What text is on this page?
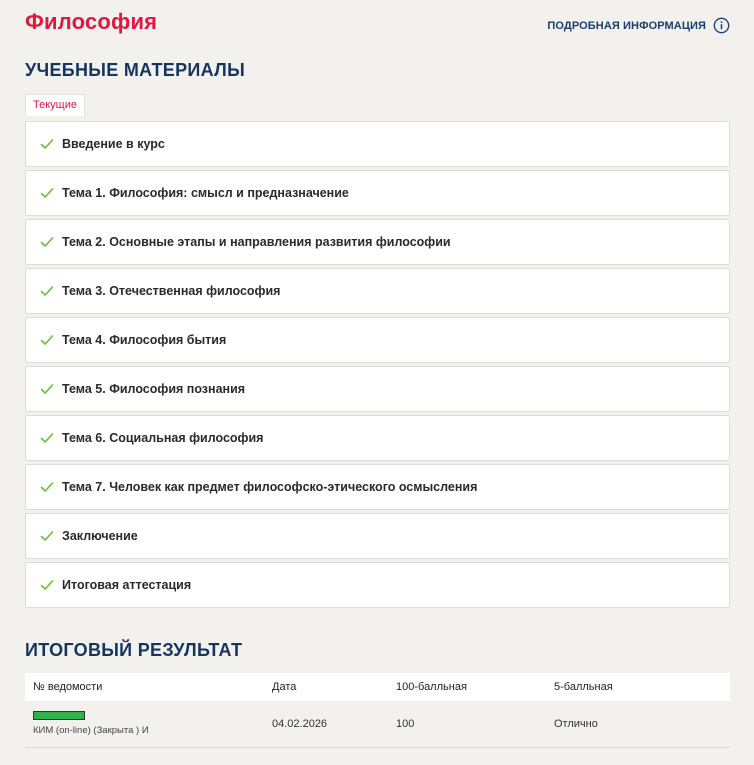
Философия	ПОДРОБНАЯ ИНФОРМАЦИЯ
УЧЕБНЫЕ МАТЕРИАЛЫ
Текущие
Введение в курс
Тема 1. Философия: смысл и предназначение
Тема 2. Основные этапы и направления развития философии
Тема 3. Отечественная философия
Тема 4. Философия бытия
Тема 5. Философия познания
Тема 6. Социальная философия
Тема 7. Человек как предмет философско-этического осмысления
Заключение
Итоговая аттестация
ИТОГОВЫЙ РЕЗУЛЬТАТ
№ ведомости	Дата	100-балльная	5-балльная

КИМ (on-line) (Закрыта ) И	04.02.2026	100	Отлично
